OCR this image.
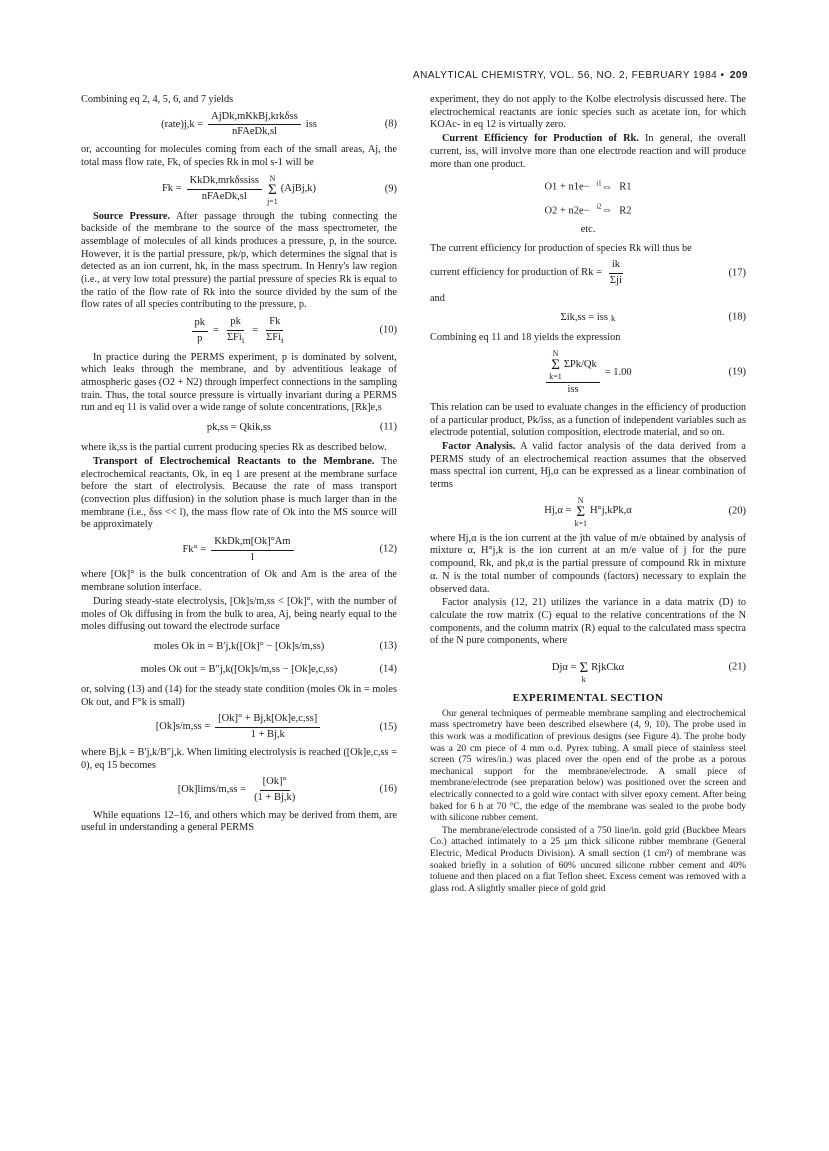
ANALYTICAL CHEMISTRY, VOL. 56, NO. 2, FEBRUARY 1984 • 209

Combining eq 2, 4, 5, 6, and 7 yields

(rate)j,k = $\frac{\text{AjDk,mKkBj,krkδss}}{\text{nFAeDk,sl}}$ iss	(8)

or, accounting for molecules coming from each of the small areas, Aj, the total mass flow rate, Fk, of species Rk in mol s-1 will be

$Fk = \frac{\text{KkDk,mrkδssiss}}{\text{nFAeDk,sl}}$ N
Σ
j=1
(AjBj,k)	(9)

Source Pressure. After passage through the tubing connecting the backside of the membrane to the source of the mass spectrometer, the assemblage of molecules of all kinds produces a pressure, p, in the source. However, it is the partial pressure, pk/p, which determines the signal that is detected as an ion current, hk, in the mass spectrum. In Henry's law region (i.e., at very low total pressure) the partial pressure of species Rk is equal to the ratio of the flow rate of Rk into the source divided by the sum of the flow rates of all species contributing to the pressure, p.

$\frac{pk}{p} = \frac{pk}{\Sigma Fi_i} = \frac{Fk}{\Sigma Fi_i}$	(10)

In practice during the PERMS experiment, p is dominated by solvent, which leaks through the membrane, and by adventitious leakage of atmospheric gases (O2 + N2) through imperfect connections in the sampling train. Thus, the total source pressure is virtually invariant during a PERMS run and eq 11 is valid over a wide range of solute concentrations, [Rk]e,s

pk,ss = Qkik,ss	(11)

where ik,ss is the partial current producing species Rk as described below.

Transport of Electrochemical Reactants to the Membrane. The electrochemical reactants, Ok, in eq 1 are present at the membrane surface before the start of electrolysis. Because the rate of mass transport (convection plus diffusion) in the solution phase is much larger than in the membrane (i.e., δss << l), the mass flow rate of Ok into the MS source will be approximately

$Fk^\circ = \frac{\text{KkDk,m[Ok]°Am}}{l}$	(12)

where [Ok]° is the bulk concentration of Ok and Am is the area of the membrane solution interface.

During steady-state electrolysis, [Ok]s/m,ss < [Ok]°, with the number of moles of Ok diffusing in from the bulk to area, Aj, being nearly equal to the moles diffusing out toward the electrode surface

moles Ok in = B′j,k([Ok]° − [Ok]s/m,ss)	(13)
moles Ok out = B″j,k([Ok]s/m,ss − [Ok]e,c,ss)	(14)

or, solving (13) and (14) for the steady state condition (moles Ok in = moles Ok out, and F°k is small)

$[Ok]s/m,ss = \frac{[Ok]^\circ + Bj,k[Ok]e,c,ss]}{1 + Bj,k}$	(15)

where Bj,k = B′j,k/B″j,k. When limiting electrolysis is reached ([Ok]e,c,ss = 0), eq 15 becomes

$[Ok]\lim s/m,ss = \frac{[Ok]^\circ}{(1 + Bj,k)}$	(16)

While equations 12–16, and others which may be derived from them, are useful in understanding a general PERMS

experiment, they do not apply to the Kolbe electrolysis discussed here. The electrochemical reactants are ionic species such as acetate ion, for which KOAc- in eq 12 is virtually zero.

Current Efficiency for Production of Rk. In general, the overall current, iss, will involve more than one electrode reaction and will produce more than one product.

O1 + n1e− $^{i1}$⇔ R1
O2 + n2e− $^{i2}$⇔ R2
etc.

The current efficiency for production of species Rk will thus be

current efficiency for production of $Rk = \frac{ik}{\text{Σji}}$	(17)

and

Σik,ss = iss k	(18)

Combining eq 11 and 18 yields the expression

N
Σ
k=1
ΣPk/Qk
iss = 1.00	(19)

This relation can be used to evaluate changes in the efficiency of production of a particular product, Pk/iss, as a function of independent variables such as electrode potential, solution composition, electrode material, and so on.

Factor Analysis. A valid factor analysis of the data derived from a PERMS study of an electrochemical reaction assumes that the observed mass spectral ion current, Hj,α can be expressed as a linear combination of terms

Hj,α =
N
Σ
k=1
H°j,kPk,α	(20)

where Hj,α is the ion current at the jth value of m/e obtained by analysis of mixture α, H°j,k is the ion current at an m/e value of j for the pure compound, Rk, and pk,α is the partial pressure of compound Rk in mixture α. N is the total number of compounds (factors) necessary to explain the observed data.

Factor analysis (12, 21) utilizes the variance in a data matrix (D) to calculate the row matrix (C) equal to the relative concentrations of the N components, and the column matrix (R) equal to the calculated mass spectra of the N pure components, where

Djα =
Σ
k
RjkCkα	(21)
EXPERIMENTAL SECTION

Our general techniques of permeable membrane sampling and electrochemical mass spectrometry have been described elsewhere (4, 9, 10). The probe used in this work was a modification of previous designs (see Figure 4). The probe body was a 20 cm piece of 4 mm o.d. Pyrex tubing. A small piece of stainless steel screen (75 wires/in.) was placed over the open end of the probe as a porous mechanical support for the membrane/electrode. A small piece of membrane/electrode (see preparation below) was positioned over the screen and electrically connected to a gold wire contact with silver epoxy cement. After being baked for 6 h at 70 °C, the edge of the membrane was sealed to the probe body with silicone rubber cement.

The membrane/electrode consisted of a 750 line/in. gold grid (Buckbee Mears Co.) attached intimately to a 25 μm thick silicone rubber membrane (General Electric, Medical Products Division). A small section (1 cm²) of membrane was soaked briefly in a solution of 60% uncured silicone rubber cement and 40% toluene and then placed on a flat Teflon sheet. Excess cement was removed with a glass rod. A slightly smaller piece of gold grid
